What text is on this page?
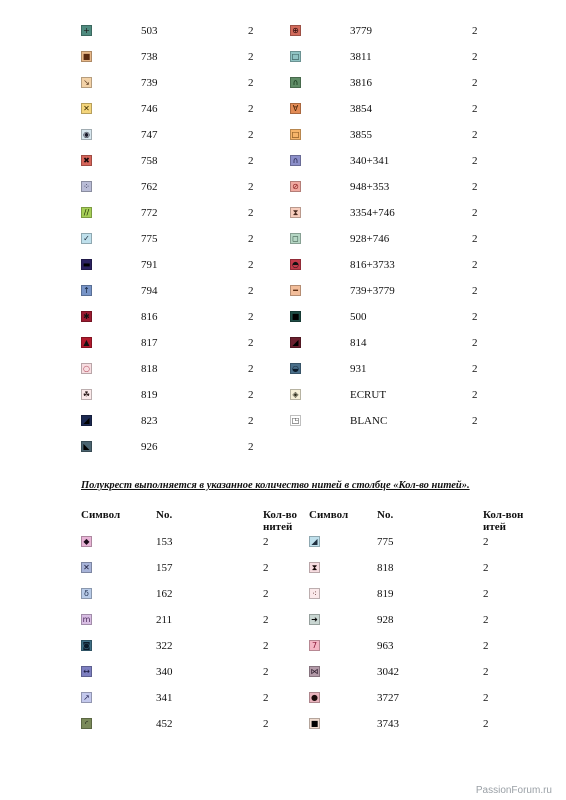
+	503	2
■	738	2
↘	739	2
✕	746	2
◉	747	2
✖	758	2
⁘	762	2
//	772	2
✓	775	2
▬	791	2
↑	794	2
✱	816	2
▲	817	2
○	818	2
☘	819	2
◢	823	2
◣	926	2
⊕	3779	2
□	3811	2
∩	3816	2
∀	3854	2
□	3855	2
∩	340+341	2
⊘	948+353	2
⧗	3354+746	2
◻	928+746	2
◓	816+3733	2
━	739+3779	2
■	500	2
◢	814	2
◒	931	2
◈	ECRUT	2
◳	BLANC	2
Полукрест выполняется в указанное количество нитей в столбце «Кол-во нитей».
Символ	No.	Кол-во
нитей
Символ	No.	Кол-вон
итей
◆	153	2
✕	157	2
δ	162	2
m	211	2
◙	322	2
↔	340	2
↗	341	2
◜	452	2
◢	775	2
⧗	818	2
⁖	819	2
➜	928	2
7	963	2
⋈	3042	2
●	3727	2
■	3743	2
PassionForum.ru
